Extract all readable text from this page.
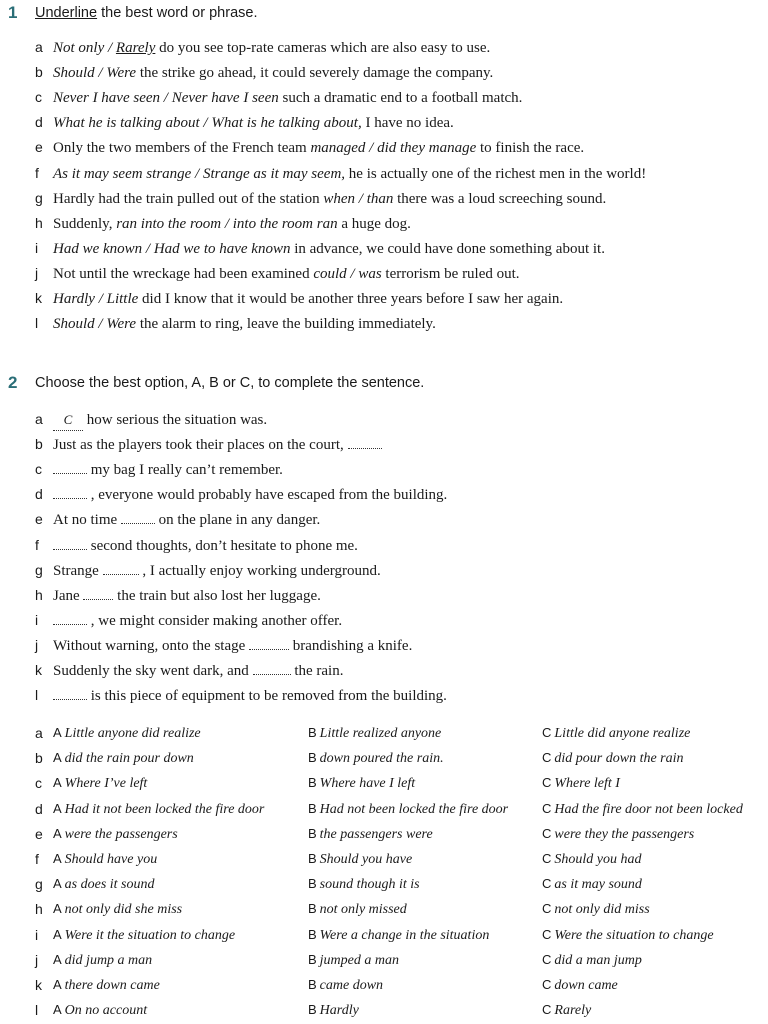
1 Underline the best word or phrase.
a Not only / Rarely do you see top-rate cameras which are also easy to use.
b Should / Were the strike go ahead, it could severely damage the company.
c Never I have seen / Never have I seen such a dramatic end to a football match.
d What he is talking about / What is he talking about, I have no idea.
e Only the two members of the French team managed / did they manage to finish the race.
f As it may seem strange / Strange as it may seem, he is actually one of the richest men in the world!
g Hardly had the train pulled out of the station when / than there was a loud screeching sound.
h Suddenly, ran into the room / into the room ran a huge dog.
i Had we known / Had we to have known in advance, we could have done something about it.
j Not until the wreckage had been examined could / was terrorism be ruled out.
k Hardly / Little did I know that it would be another three years before I saw her again.
l Should / Were the alarm to ring, leave the building immediately.
2 Choose the best option, A, B or C, to complete the sentence.
a C how serious the situation was.
b Just as the players took their places on the court,
c	my bag I really can’t remember.
d	, everyone would probably have escaped from the building.
e At no time  on the plane in any danger.
f	second thoughts, don’t hesitate to phone me.
g Strange  , I actually enjoy working underground.
h Jane  the train but also lost her luggage.
i	, we might consider making another offer.
j Without warning, onto the stage	brandishing a knife.
k Suddenly the sky went dark, and	the rain.
l	is this piece of equipment to be removed from the building.
a A Little anyone did realize	B Little realized anyone	C Little did anyone realize
b A did the rain pour down	B down poured the rain.	C did pour down the rain
c A Where I’ve left	B Where have I left	C Where left I
d A Had it not been locked the fire door	B Had not been locked the fire door	C Had the fire door not been locked
e A were the passengers	B the passengers were	C were they the passengers
f	A Should have you	B Should you have	C Should you had
g A as does it sound	B sound though it is	C as it may sound
h A not only did she miss	B not only missed	C not only did miss
i	A Were it the situation to change	B Were a change in the situation	C Were the situation to change
j	A did jump a man	B jumped a man	C did a man jump
k A there down came	B came down	C down came
l	A On no account	B Hardly	C Rarely
